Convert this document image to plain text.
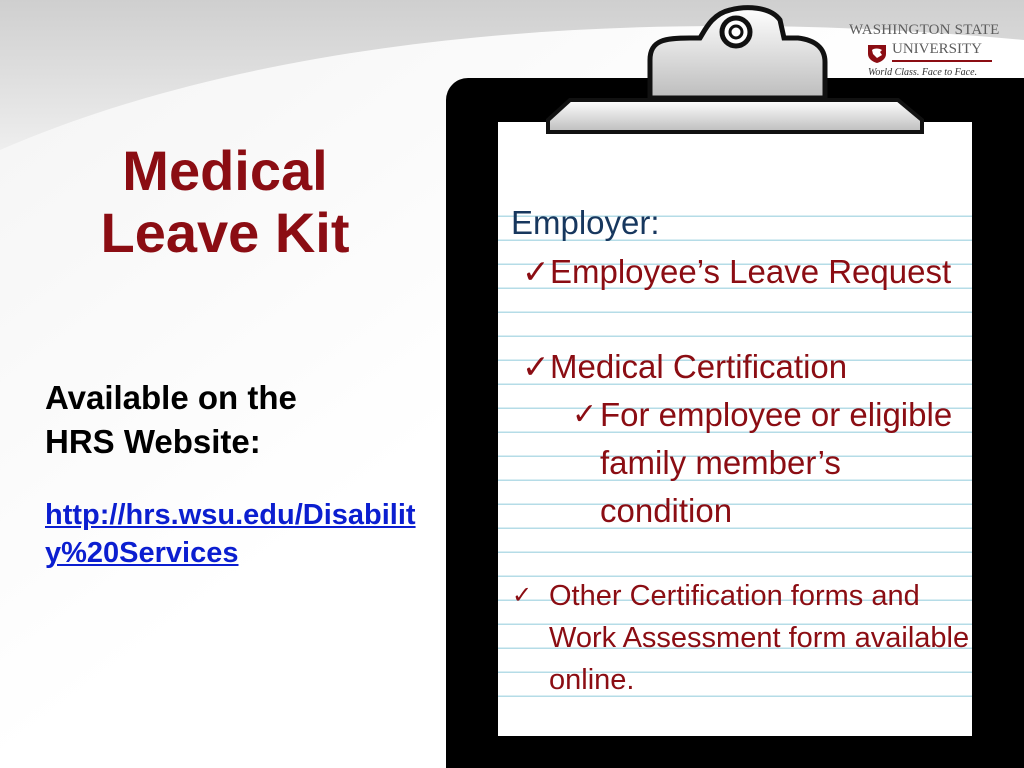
Medical
Leave Kit
Available on the
HRS Website:
http://hrs.wsu.edu/Disability%20Services
WASHINGTON STATE
UNIVERSITY
World Class. Face to Face.
Employer:
✓ Employee’s Leave Request
✓ Medical Certification
✓ For employee or eligible family member’s condition
✓ Other Certification forms and Work Assessment form available online.
